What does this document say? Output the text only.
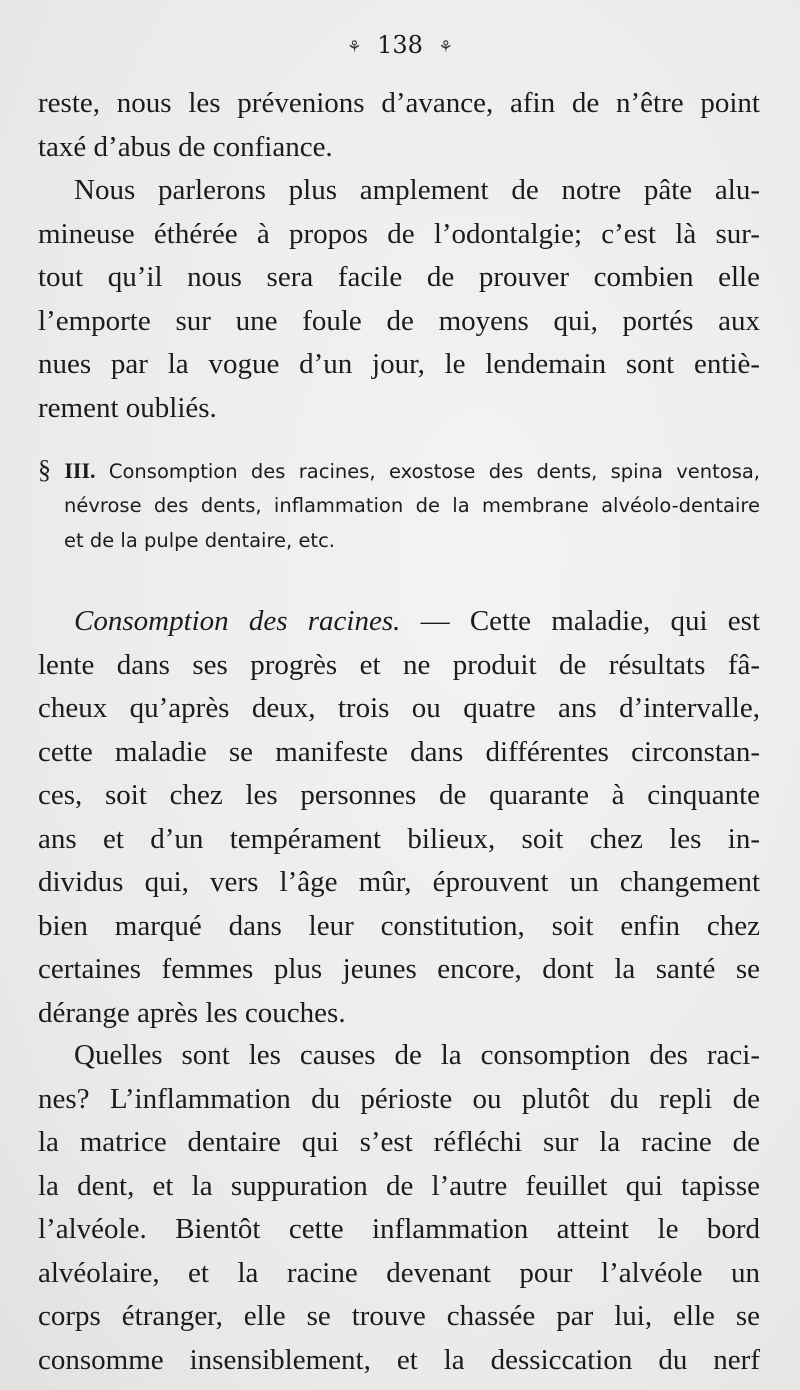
⚘ 138 ⚘
reste, nous les prévenions d’avance, afin de n’être point
taxé d’abus de confiance.
Nous parlerons plus amplement de notre pâte alu-
mineuse éthérée à propos de l’odontalgie; c’est là sur-
tout qu’il nous sera facile de prouver combien elle
l’emporte sur une foule de moyens qui, portés aux
nues par la vogue d’un jour, le lendemain sont entiè-
rement oubliés.
§ III. Consomption des racines, exostose des dents, spina ventosa,
névrose des dents, inflammation de la membrane alvéolo-dentaire
et de la pulpe dentaire, etc.
Consomption des racines. — Cette maladie, qui est
lente dans ses progrès et ne produit de résultats fâ-
cheux qu’après deux, trois ou quatre ans d’intervalle,
cette maladie se manifeste dans différentes circonstan-
ces, soit chez les personnes de quarante à cinquante
ans et d’un tempérament bilieux, soit chez les in-
dividus qui, vers l’âge mûr, éprouvent un changement
bien marqué dans leur constitution, soit enfin chez
certaines femmes plus jeunes encore, dont la santé se
dérange après les couches.
Quelles sont les causes de la consomption des raci-
nes? L’inflammation du périoste ou plutôt du repli de
la matrice dentaire qui s’est réfléchi sur la racine de
la dent, et la suppuration de l’autre feuillet qui tapisse
l’alvéole. Bientôt cette inflammation atteint le bord
alvéolaire, et la racine devenant pour l’alvéole un
corps étranger, elle se trouve chassée par lui, elle se
consomme insensiblement, et la dessiccation du nerf
